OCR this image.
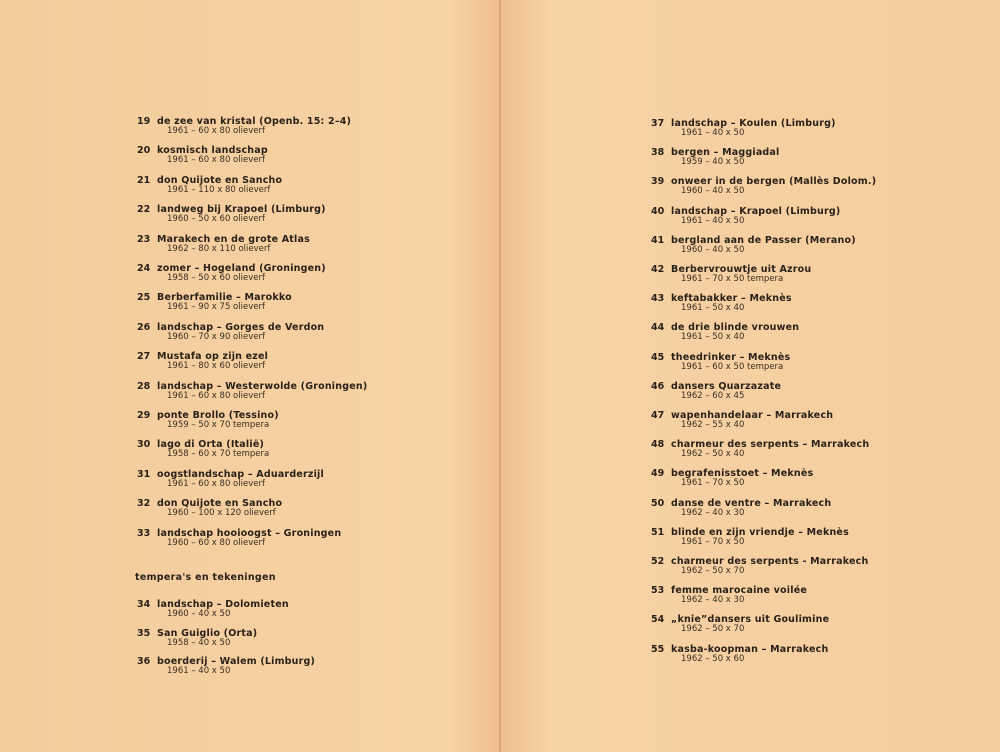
19 de zee van kristal (Openb. 15: 2–4)
1961 – 60 x 80 olieverf
20 kosmisch landschap
1961 – 60 x 80 olieverf
21 don Quijote en Sancho
1961 – 110 x 80 olieverf
22 landweg bij Krapoel (Limburg)
1960 – 50 x 60 olieverf
23 Marakech en de grote Atlas
1962 – 80 x 110 olieverf
24 zomer – Hogeland (Groningen)
1958 – 50 x 60 olieverf
25 Berberfamilie – Marokko
1961 – 90 x 75 olieverf
26 landschap – Gorges de Verdon
1960 – 70 x 90 olieverf
27 Mustafa op zijn ezel
1961 – 80 x 60 olieverf
28 landschap – Westerwolde (Groningen)
1961 – 60 x 80 olieverf
29 ponte Brollo (Tessino)
1959 – 50 x 70 tempera
30 lago di Orta (Italië)
1958 – 60 x 70 tempera
31 oogstlandschap – Aduarderzijl
1961 – 60 x 80 olieverf
32 don Quijote en Sancho
1960 – 100 x 120 olieverf
33 landschap hooioogst – Groningen
1960 – 60 x 80 olieverf
tempera's en tekeningen
34 landschap – Dolomieten
1960 – 40 x 50
35 San Guiglio (Orta)
1958 – 40 x 50
36 boerderij – Walem (Limburg)
1961 – 40 x 50
37 landschap – Koulen (Limburg)
1961 – 40 x 50
38 bergen – Maggiadal
1959 – 40 x 50
39 onweer in de bergen (Mallès Dolom.)
1960 – 40 x 50
40 landschap – Krapoel (Limburg)
1961 – 40 x 50
41 bergland aan de Passer (Merano)
1960 – 40 x 50
42 Berbervrouwtje uit Azrou
1961 – 70 x 50 tempera
43 keftabakker – Meknès
1961 – 50 x 40
44 de drie blinde vrouwen
1961 – 50 x 40
45 theedrinker – Meknès
1961 – 60 x 50 tempera
46 dansers Quarzazate
1962 – 60 x 45
47 wapenhandelaar – Marrakech
1962 – 55 x 40
48 charmeur des serpents – Marrakech
1962 – 50 x 40
49 begrafenisstoet – Meknès
1961 – 70 x 50
50 danse de ventre – Marrakech
1962 – 40 x 30
51 blinde en zijn vriendje – Meknès
1961 – 70 x 50
52 charmeur des serpents - Marrakech
1962 – 50 x 70
53 femme marocaine voilée
1962 – 40 x 30
54 „knie”dansers uit Goulimine
1962 – 50 x 70
55 kasba-koopman – Marrakech
1962 – 50 x 60
